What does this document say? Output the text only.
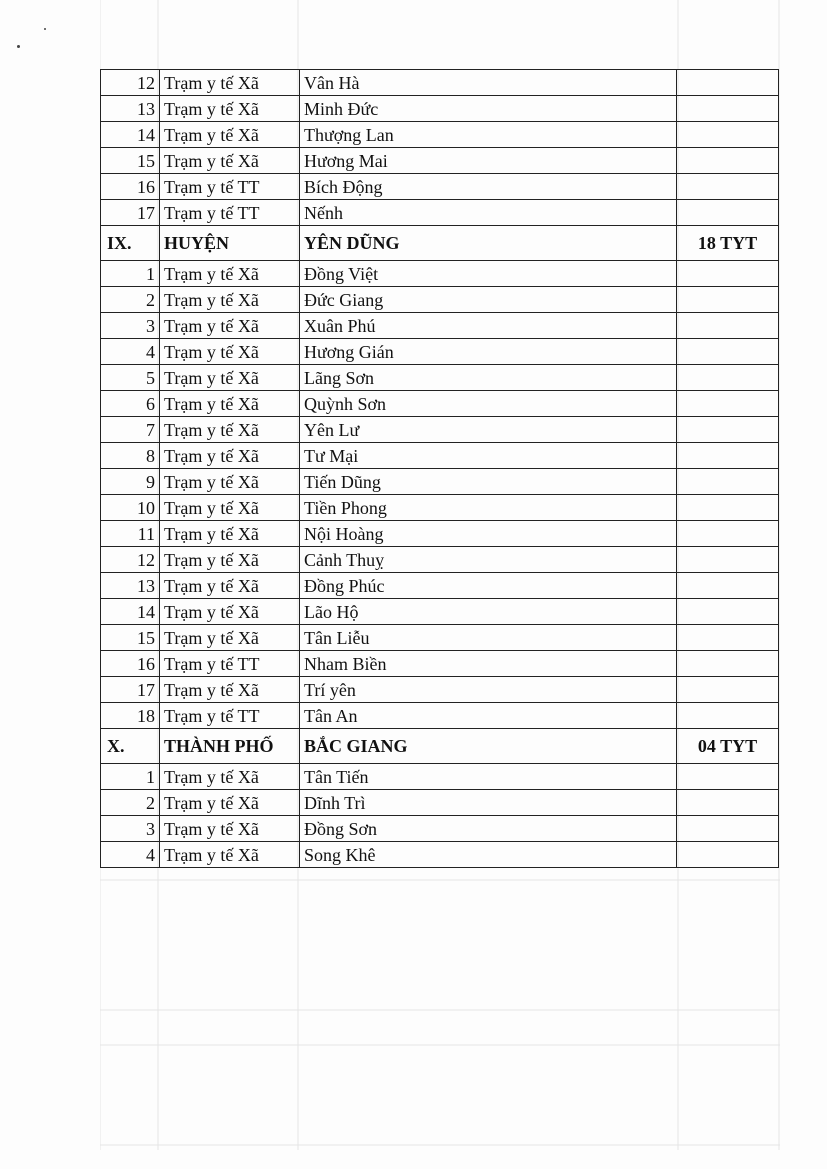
12	Trạm y tế Xã	Vân Hà	
13	Trạm y tế Xã	Minh Đức	
14	Trạm y tế Xã	Thượng Lan	
15	Trạm y tế Xã	Hương Mai	
16	Trạm y tế TT	Bích Động	
17	Trạm y tế TT	Nếnh	
IX.	HUYỆN	YÊN DŨNG	18 TYT
1	Trạm y tế Xã	Đồng Việt	
2	Trạm y tế Xã	Đức Giang	
3	Trạm y tế Xã	Xuân Phú	
4	Trạm y tế Xã	Hương Gián	
5	Trạm y tế Xã	Lãng Sơn	
6	Trạm y tế Xã	Quỳnh Sơn	
7	Trạm y tế Xã	Yên Lư	
8	Trạm y tế Xã	Tư Mại	
9	Trạm y tế Xã	Tiến Dũng	
10	Trạm y tế Xã	Tiền Phong	
11	Trạm y tế Xã	Nội Hoàng	
12	Trạm y tế Xã	Cảnh Thuỵ	
13	Trạm y tế Xã	Đồng Phúc	
14	Trạm y tế Xã	Lão Hộ	
15	Trạm y tế Xã	Tân Liễu	
16	Trạm y tế TT	Nham Biền	
17	Trạm y tế Xã	Trí yên	
18	Trạm y tế TT	Tân An	
X.	THÀNH PHỐ	BẮC GIANG	04 TYT
1	Trạm y tế Xã	Tân Tiến	
2	Trạm y tế Xã	Dĩnh Trì	
3	Trạm y tế Xã	Đồng Sơn	
4	Trạm y tế Xã	Song Khê	
